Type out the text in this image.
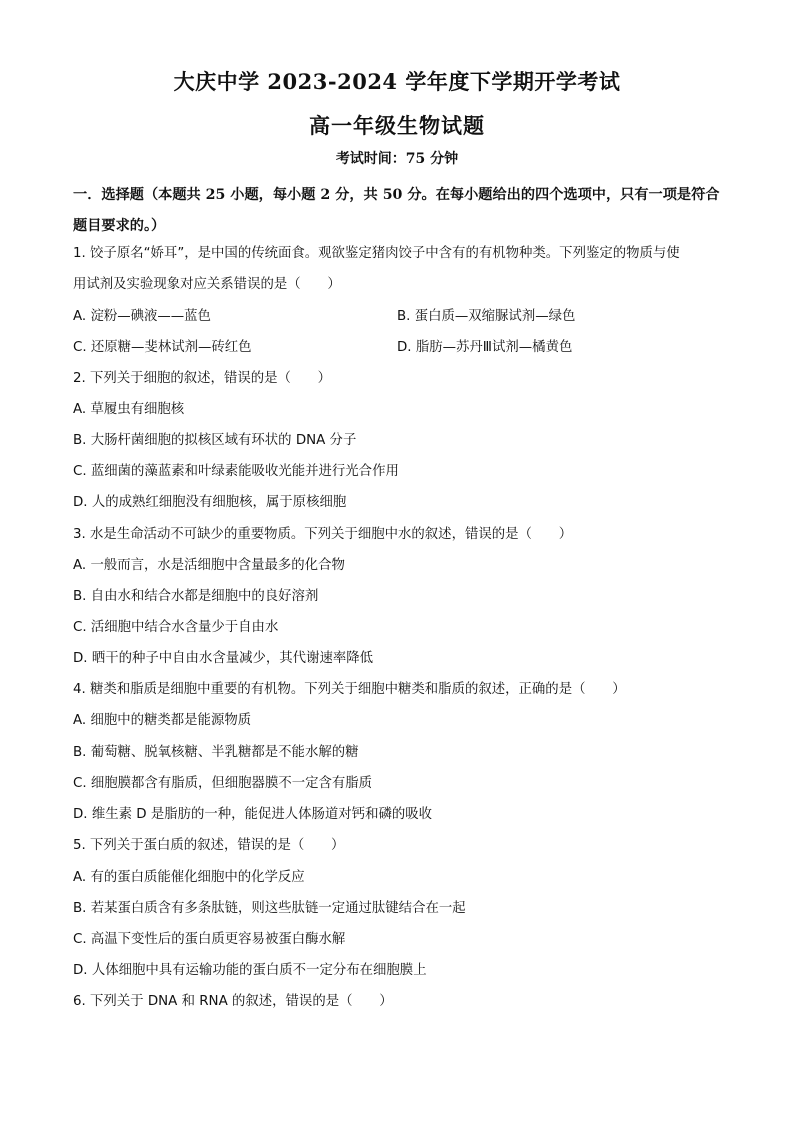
大庆中学 2023-2024 学年度下学期开学考试
高一年级生物试题
考试时间：75 分钟
一．选择题（本题共 25 小题，每小题 2 分，共 50 分。在每小题给出的四个选项中，只有一项是符合题目要求的。）
1. 饺子原名“娇耳”，是中国的传统面食。观欲鉴定猪肉饺子中含有的有机物种类。下列鉴定的物质与使
用试剂及实验现象对应关系错误的是（　　）
A. 淀粉—碘液——蓝色	B. 蛋白质—双缩脲试剂—绿色
C. 还原糖—斐林试剂—砖红色	D. 脂肪—苏丹Ⅲ试剂—橘黄色
2. 下列关于细胞的叙述，错误的是（　　）
A. 草履虫有细胞核
B. 大肠杆菌细胞的拟核区域有环状的 DNA 分子
C. 蓝细菌的藻蓝素和叶绿素能吸收光能并进行光合作用
D. 人的成熟红细胞没有细胞核，属于原核细胞
3. 水是生命活动不可缺少的重要物质。下列关于细胞中水的叙述，错误的是（　　）
A. 一般而言，水是活细胞中含量最多的化合物
B. 自由水和结合水都是细胞中的良好溶剂
C. 活细胞中结合水含量少于自由水
D. 晒干的种子中自由水含量减少，其代谢速率降低
4. 糖类和脂质是细胞中重要的有机物。下列关于细胞中糖类和脂质的叙述，正确的是（　　）
A. 细胞中的糖类都是能源物质
B. 葡萄糖、脱氧核糖、半乳糖都是不能水解的糖
C. 细胞膜都含有脂质，但细胞器膜不一定含有脂质
D. 维生素 D 是脂肪的一种，能促进人体肠道对钙和磷的吸收
5. 下列关于蛋白质的叙述，错误的是（　　）
A. 有的蛋白质能催化细胞中的化学反应
B. 若某蛋白质含有多条肽链，则这些肽链一定通过肽键结合在一起
C. 高温下变性后的蛋白质更容易被蛋白酶水解
D. 人体细胞中具有运输功能的蛋白质不一定分布在细胞膜上
6. 下列关于 DNA 和 RNA 的叙述，错误的是（　　）
